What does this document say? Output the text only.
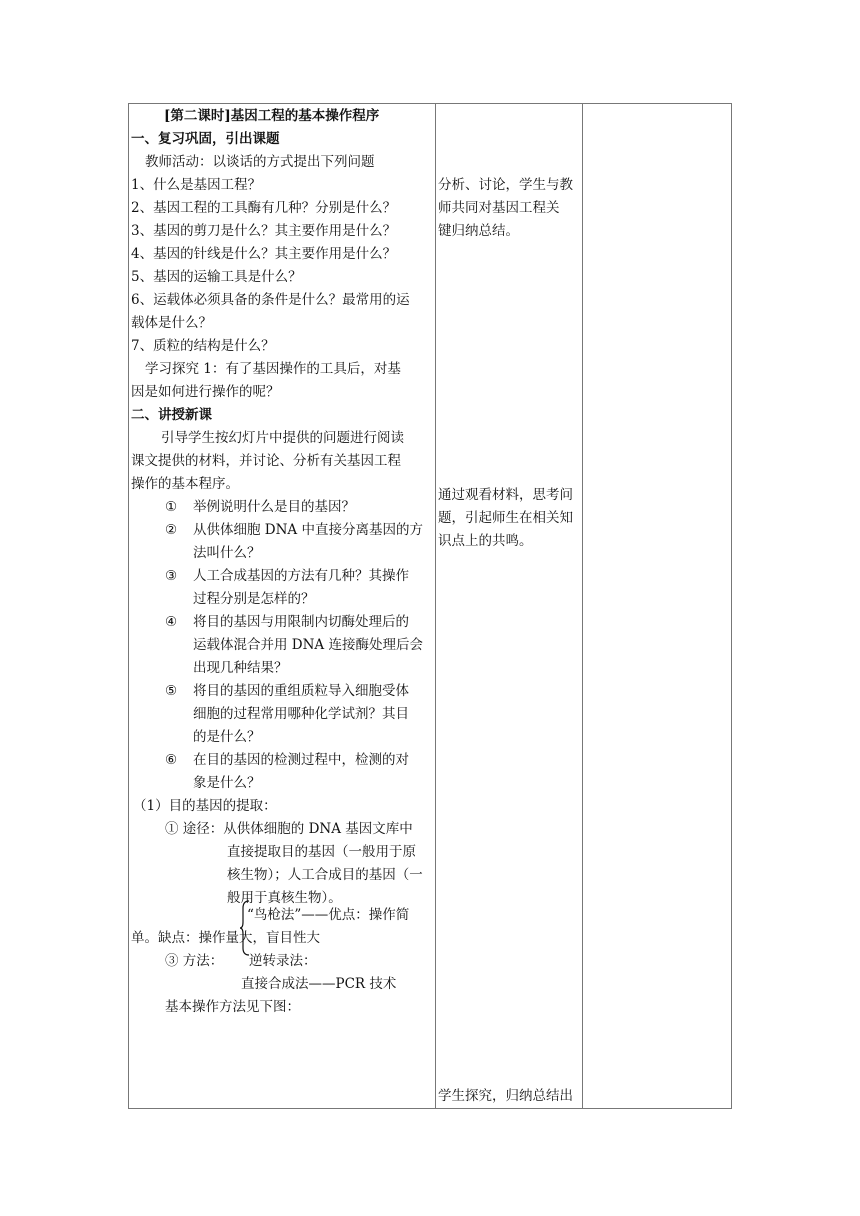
[第二课时]基因工程的基本操作程序
一、复习巩固，引出课题
教师活动：以谈话的方式提出下列问题
1、什么是基因工程？
2、基因工程的工具酶有几种？分别是什么？
3、基因的剪刀是什么？其主要作用是什么？
4、基因的针线是什么？其主要作用是什么？
5、基因的运输工具是什么？
6、运载体必须具备的条件是什么？最常用的运
载体是什么？
7、质粒的结构是什么？
学习探究 1：有了基因操作的工具后，对基
因是如何进行操作的呢？
二、讲授新课
引导学生按幻灯片中提供的问题进行阅读
课文提供的材料，并讨论、分析有关基因工程
操作的基本程序。
① 举例说明什么是目的基因？
② 从供体细胞 DNA 中直接分离基因的方
法叫什么？
③ 人工合成基因的方法有几种？其操作
过程分别是怎样的？
④ 将目的基因与用限制内切酶处理后的
运载体混合并用 DNA 连接酶处理后会
出现几种结果？
⑤ 将目的基因的重组质粒导入细胞受体
细胞的过程常用哪种化学试剂？其目
的是什么？
⑥ 在目的基因的检测过程中，检测的对
象是什么？
（1）目的基因的提取：
① 途径：从供体细胞的 DNA 基因文库中
直接提取目的基因（一般用于原
核生物）；人工合成目的基因（一
般用于真核生物）。
“鸟枪法”——优点：操作简
单。缺点：操作量大，盲目性大
③ 方法： 逆转录法：
直接合成法——PCR 技术
基本操作方法见下图：
分析、讨论，学生与教
师共同对基因工程关
键归纳总结。
通过观看材料，思考问
题，引起师生在相关知
识点上的共鸣。
学生探究，归纳总结出
